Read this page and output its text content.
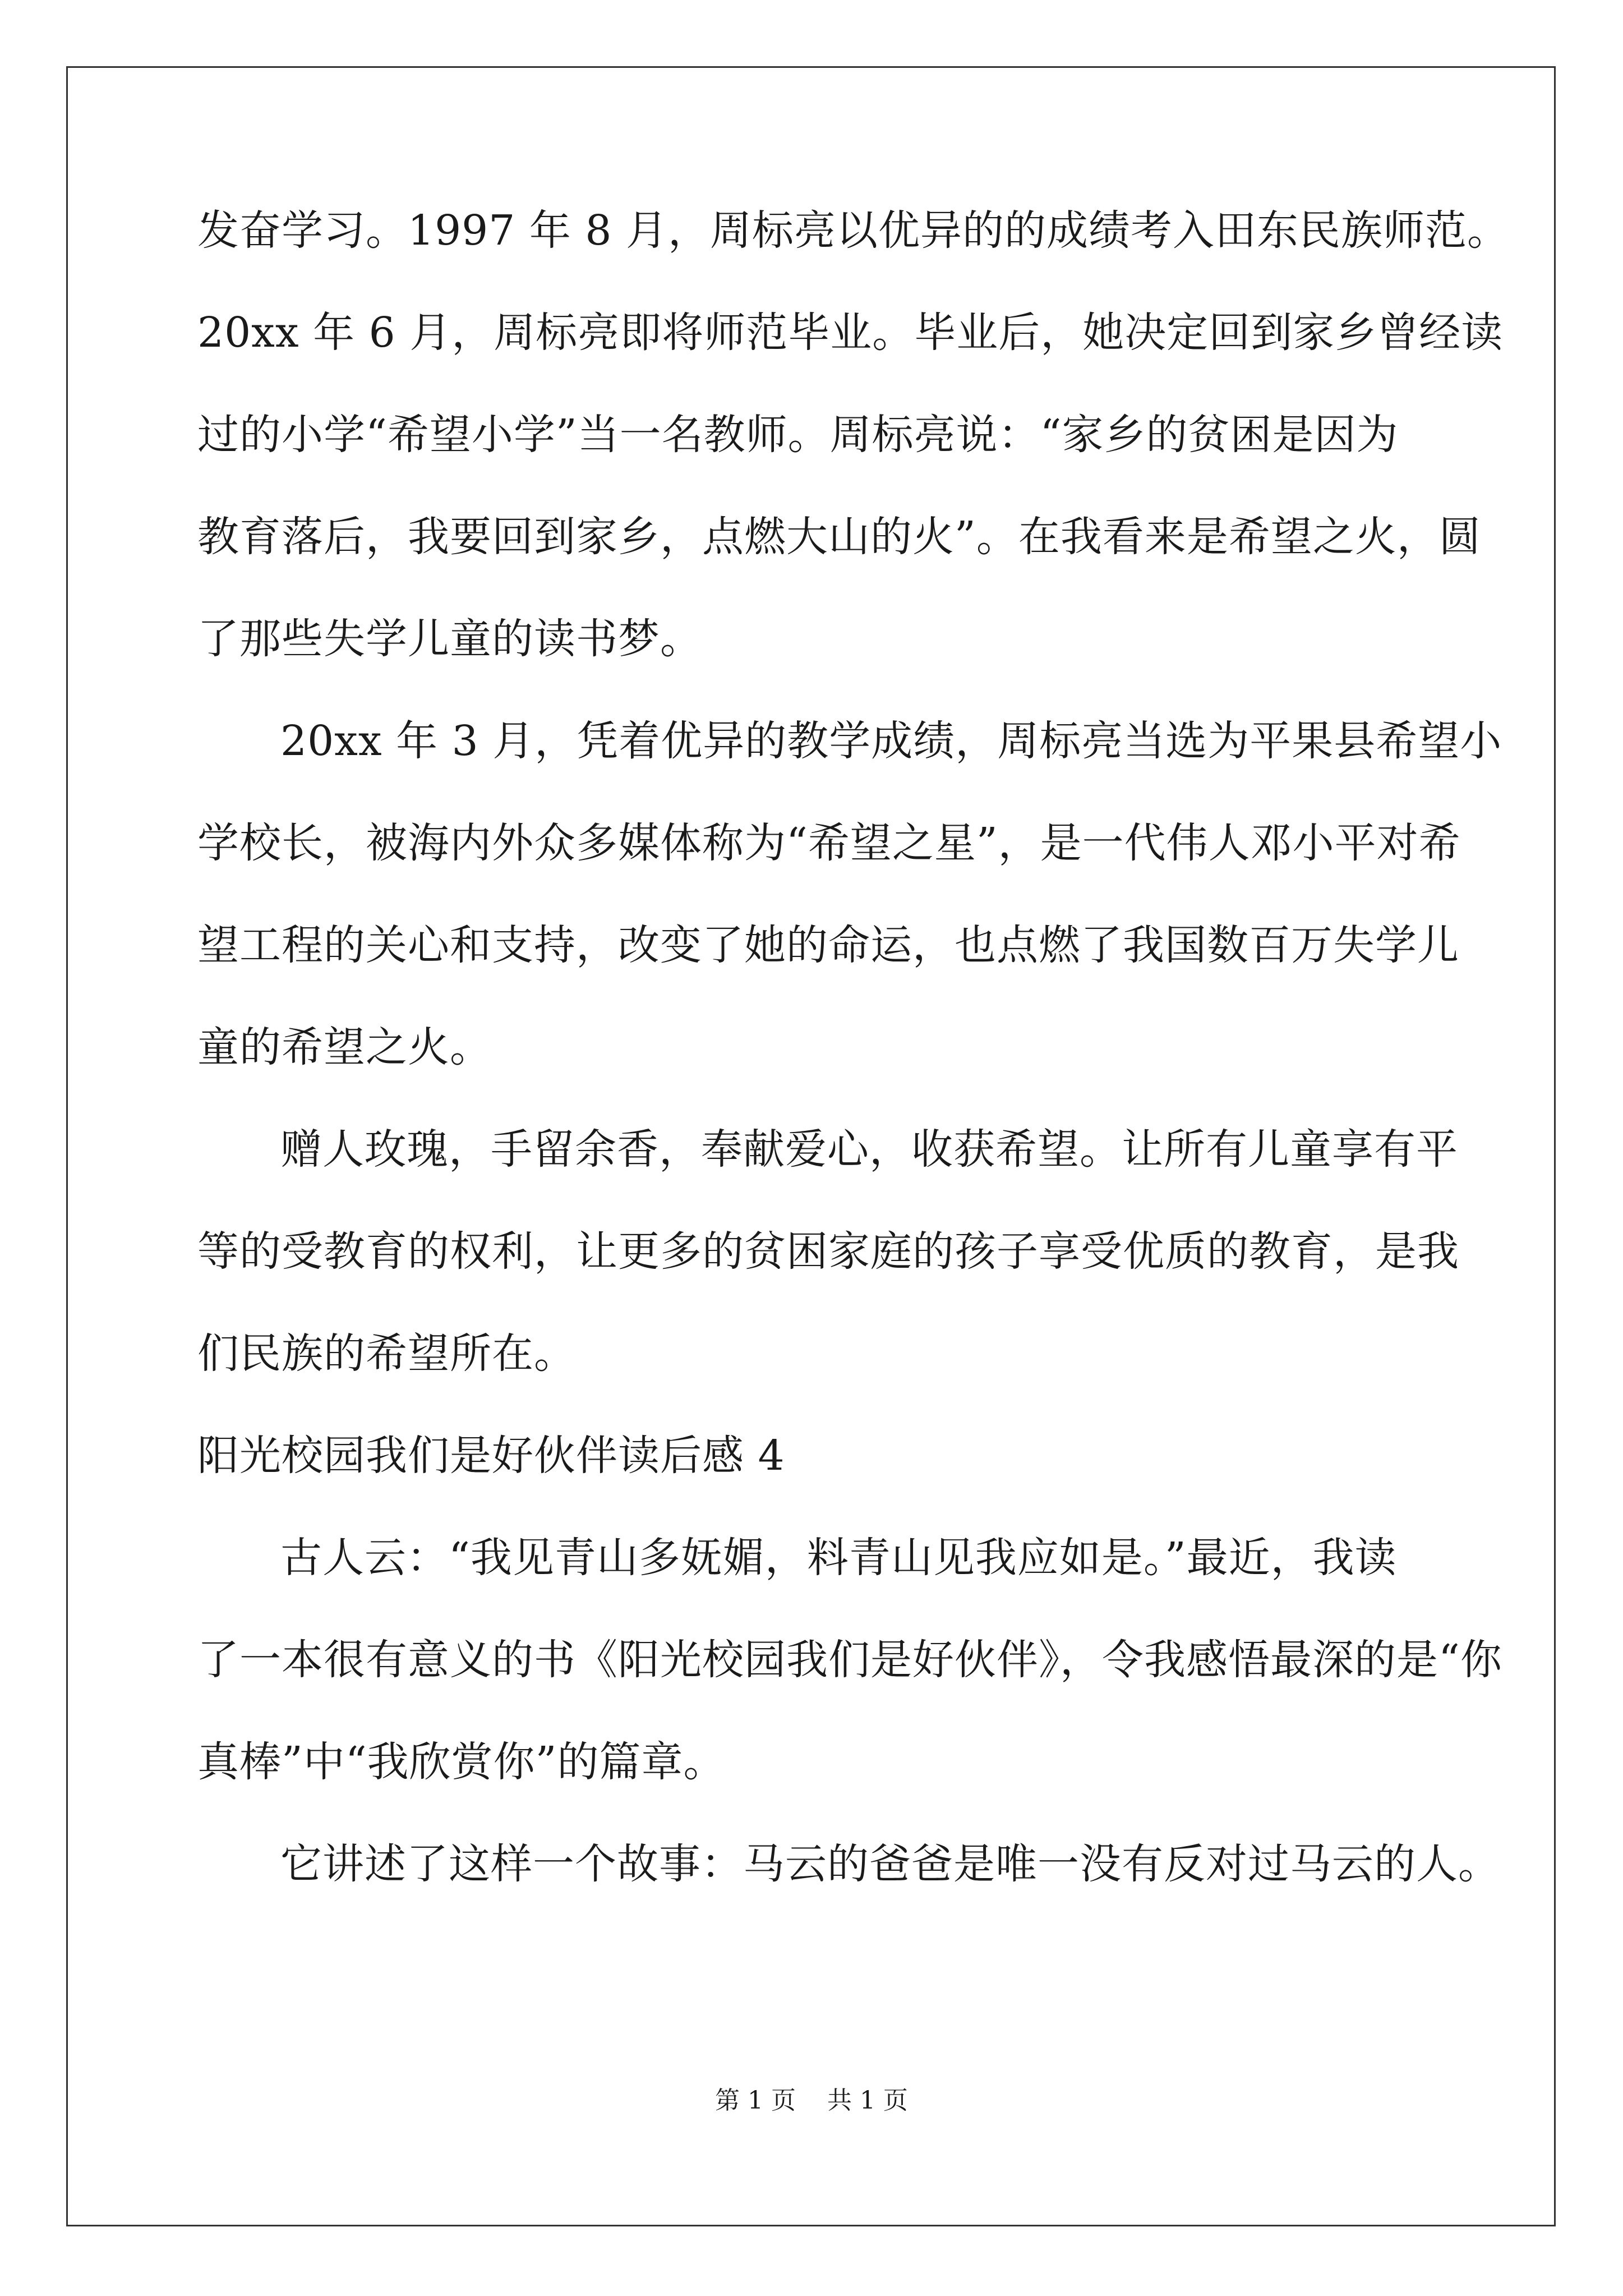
发奋学习。1997 年 8 月，周标亮以优异的的成绩考入田东民族师范。
20xx 年 6 月，周标亮即将师范毕业。毕业后，她决定回到家乡曾经读
过的小学“希望小学”当一名教师。周标亮说：“家乡的贫困是因为
教育落后，我要回到家乡，点燃大山的火”。在我看来是希望之火，圆
了那些失学儿童的读书梦。
20xx 年 3 月，凭着优异的教学成绩，周标亮当选为平果县希望小
学校长，被海内外众多媒体称为“希望之星”，是一代伟人邓小平对希
望工程的关心和支持，改变了她的命运，也点燃了我国数百万失学儿
童的希望之火。
赠人玫瑰，手留余香，奉献爱心，收获希望。让所有儿童享有平
等的受教育的权利，让更多的贫困家庭的孩子享受优质的教育，是我
们民族的希望所在。
阳光校园我们是好伙伴读后感 4
古人云：“我见青山多妩媚，料青山见我应如是。”最近，我读
了一本很有意义的书《阳光校园我们是好伙伴》，令我感悟最深的是“你
真棒”中“我欣赏你”的篇章。
它讲述了这样一个故事：马云的爸爸是唯一没有反对过马云的人。
第 1 页    共 1 页
